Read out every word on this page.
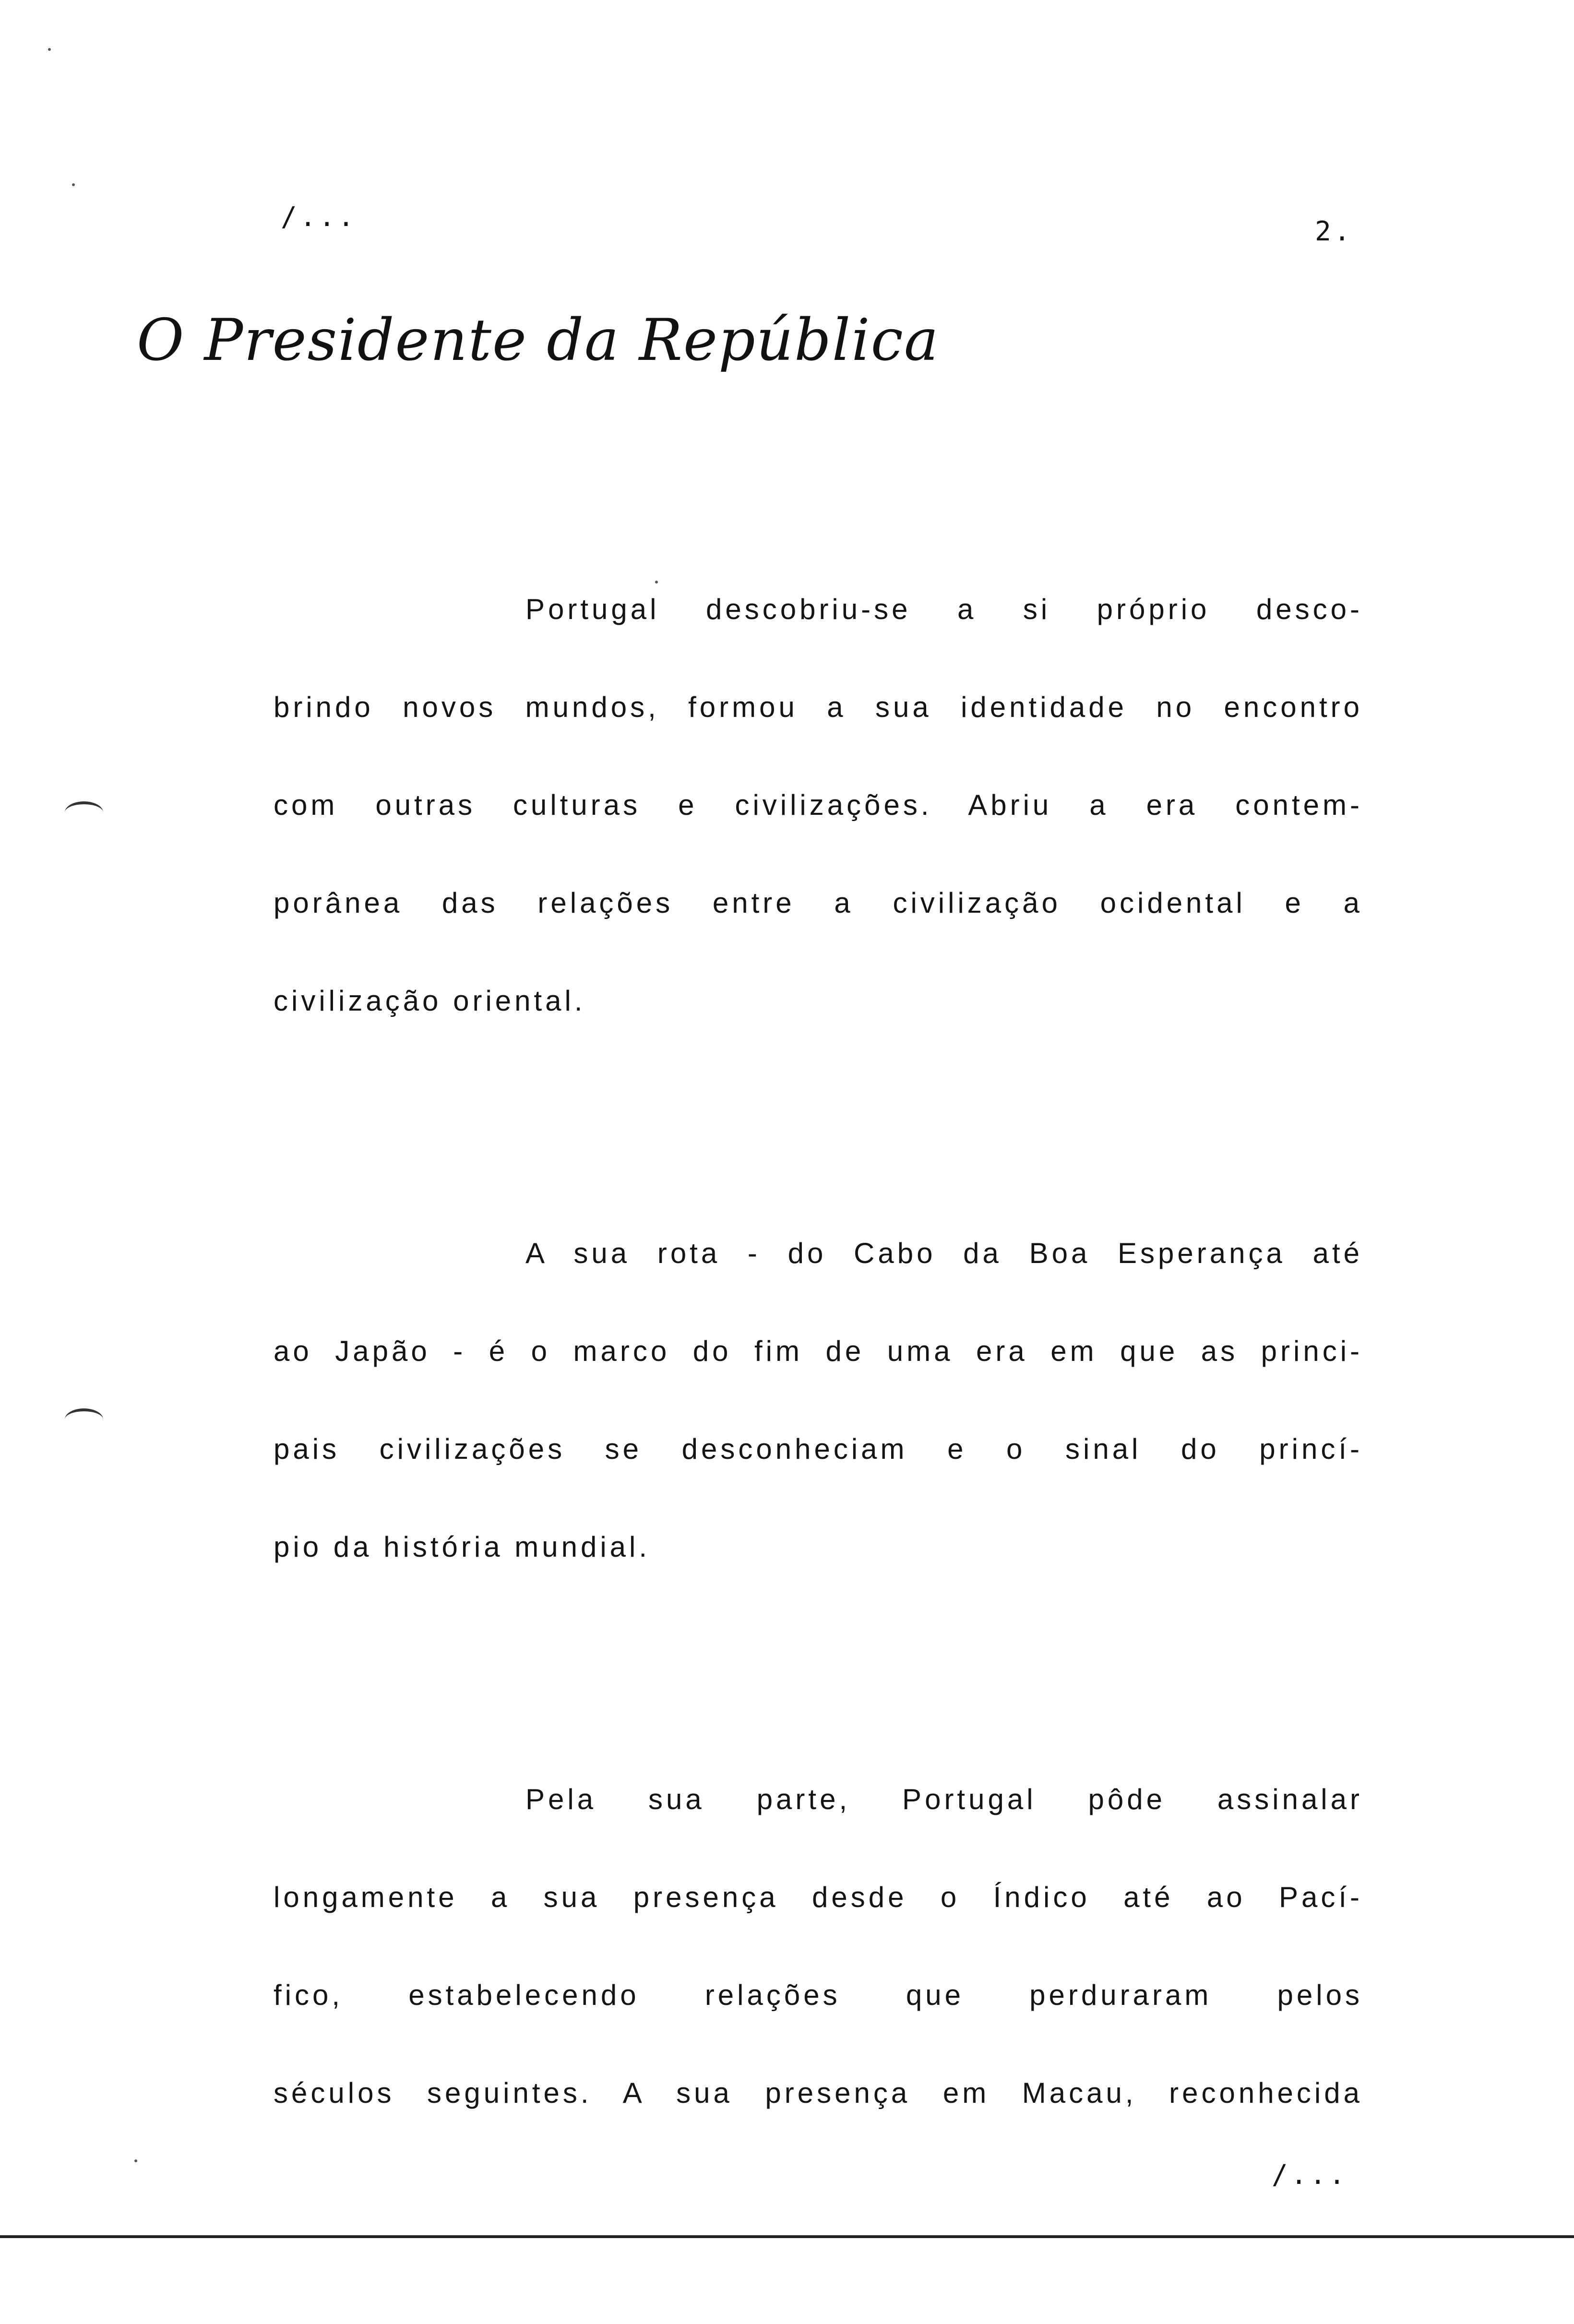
/...	2.
O Presidente da República
Portugal descobriu-se a si próprio desco-
brindo novos mundos, formou a sua identidade no encontro
com outras culturas e civilizações. Abriu a era contem-
porânea das relações entre a civilização ocidental e a
civilização oriental.
A sua rota - do Cabo da Boa Esperança até
ao Japão - é o marco do fim de uma era em que as princi-
pais civilizações se desconheciam e o sinal do princí-
pio da história mundial.
Pela sua parte, Portugal pôde assinalar
longamente a sua presença desde o Índico até ao Pací-
fico, estabelecendo relações que perduraram pelos
séculos seguintes. A sua presença em Macau, reconhecida
/...
